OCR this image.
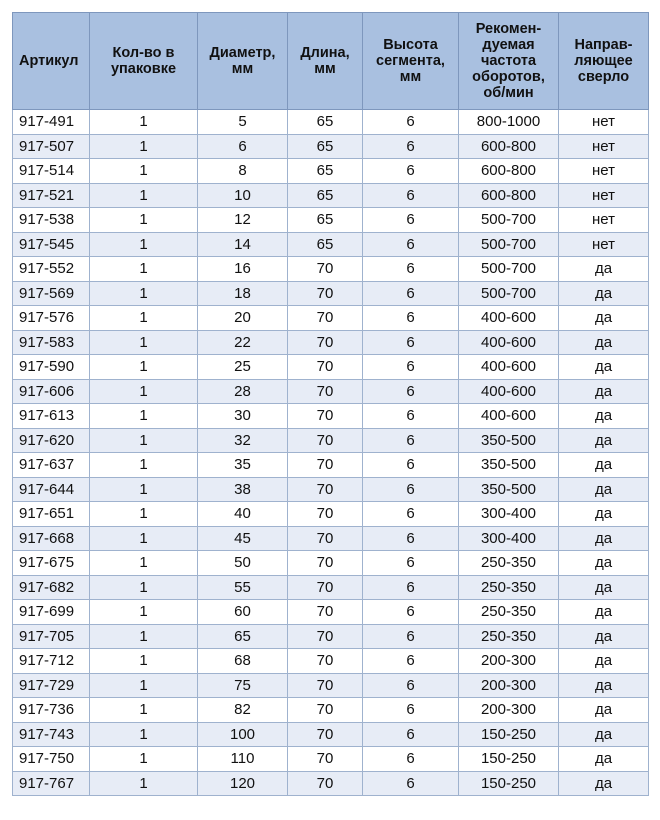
Артикул	Кол-во в упаковке	Диаметр, мм	Длина, мм	Высота сегмента, мм	Рекомен-дуемая частота оборотов, об/мин	Направ-ляющее сверло
917-491	1	5	65	6	800-1000	нет
917-507	1	6	65	6	600-800	нет
917-514	1	8	65	6	600-800	нет
917-521	1	10	65	6	600-800	нет
917-538	1	12	65	6	500-700	нет
917-545	1	14	65	6	500-700	нет
917-552	1	16	70	6	500-700	да
917-569	1	18	70	6	500-700	да
917-576	1	20	70	6	400-600	да
917-583	1	22	70	6	400-600	да
917-590	1	25	70	6	400-600	да
917-606	1	28	70	6	400-600	да
917-613	1	30	70	6	400-600	да
917-620	1	32	70	6	350-500	да
917-637	1	35	70	6	350-500	да
917-644	1	38	70	6	350-500	да
917-651	1	40	70	6	300-400	да
917-668	1	45	70	6	300-400	да
917-675	1	50	70	6	250-350	да
917-682	1	55	70	6	250-350	да
917-699	1	60	70	6	250-350	да
917-705	1	65	70	6	250-350	да
917-712	1	68	70	6	200-300	да
917-729	1	75	70	6	200-300	да
917-736	1	82	70	6	200-300	да
917-743	1	100	70	6	150-250	да
917-750	1	110	70	6	150-250	да
917-767	1	120	70	6	150-250	да
